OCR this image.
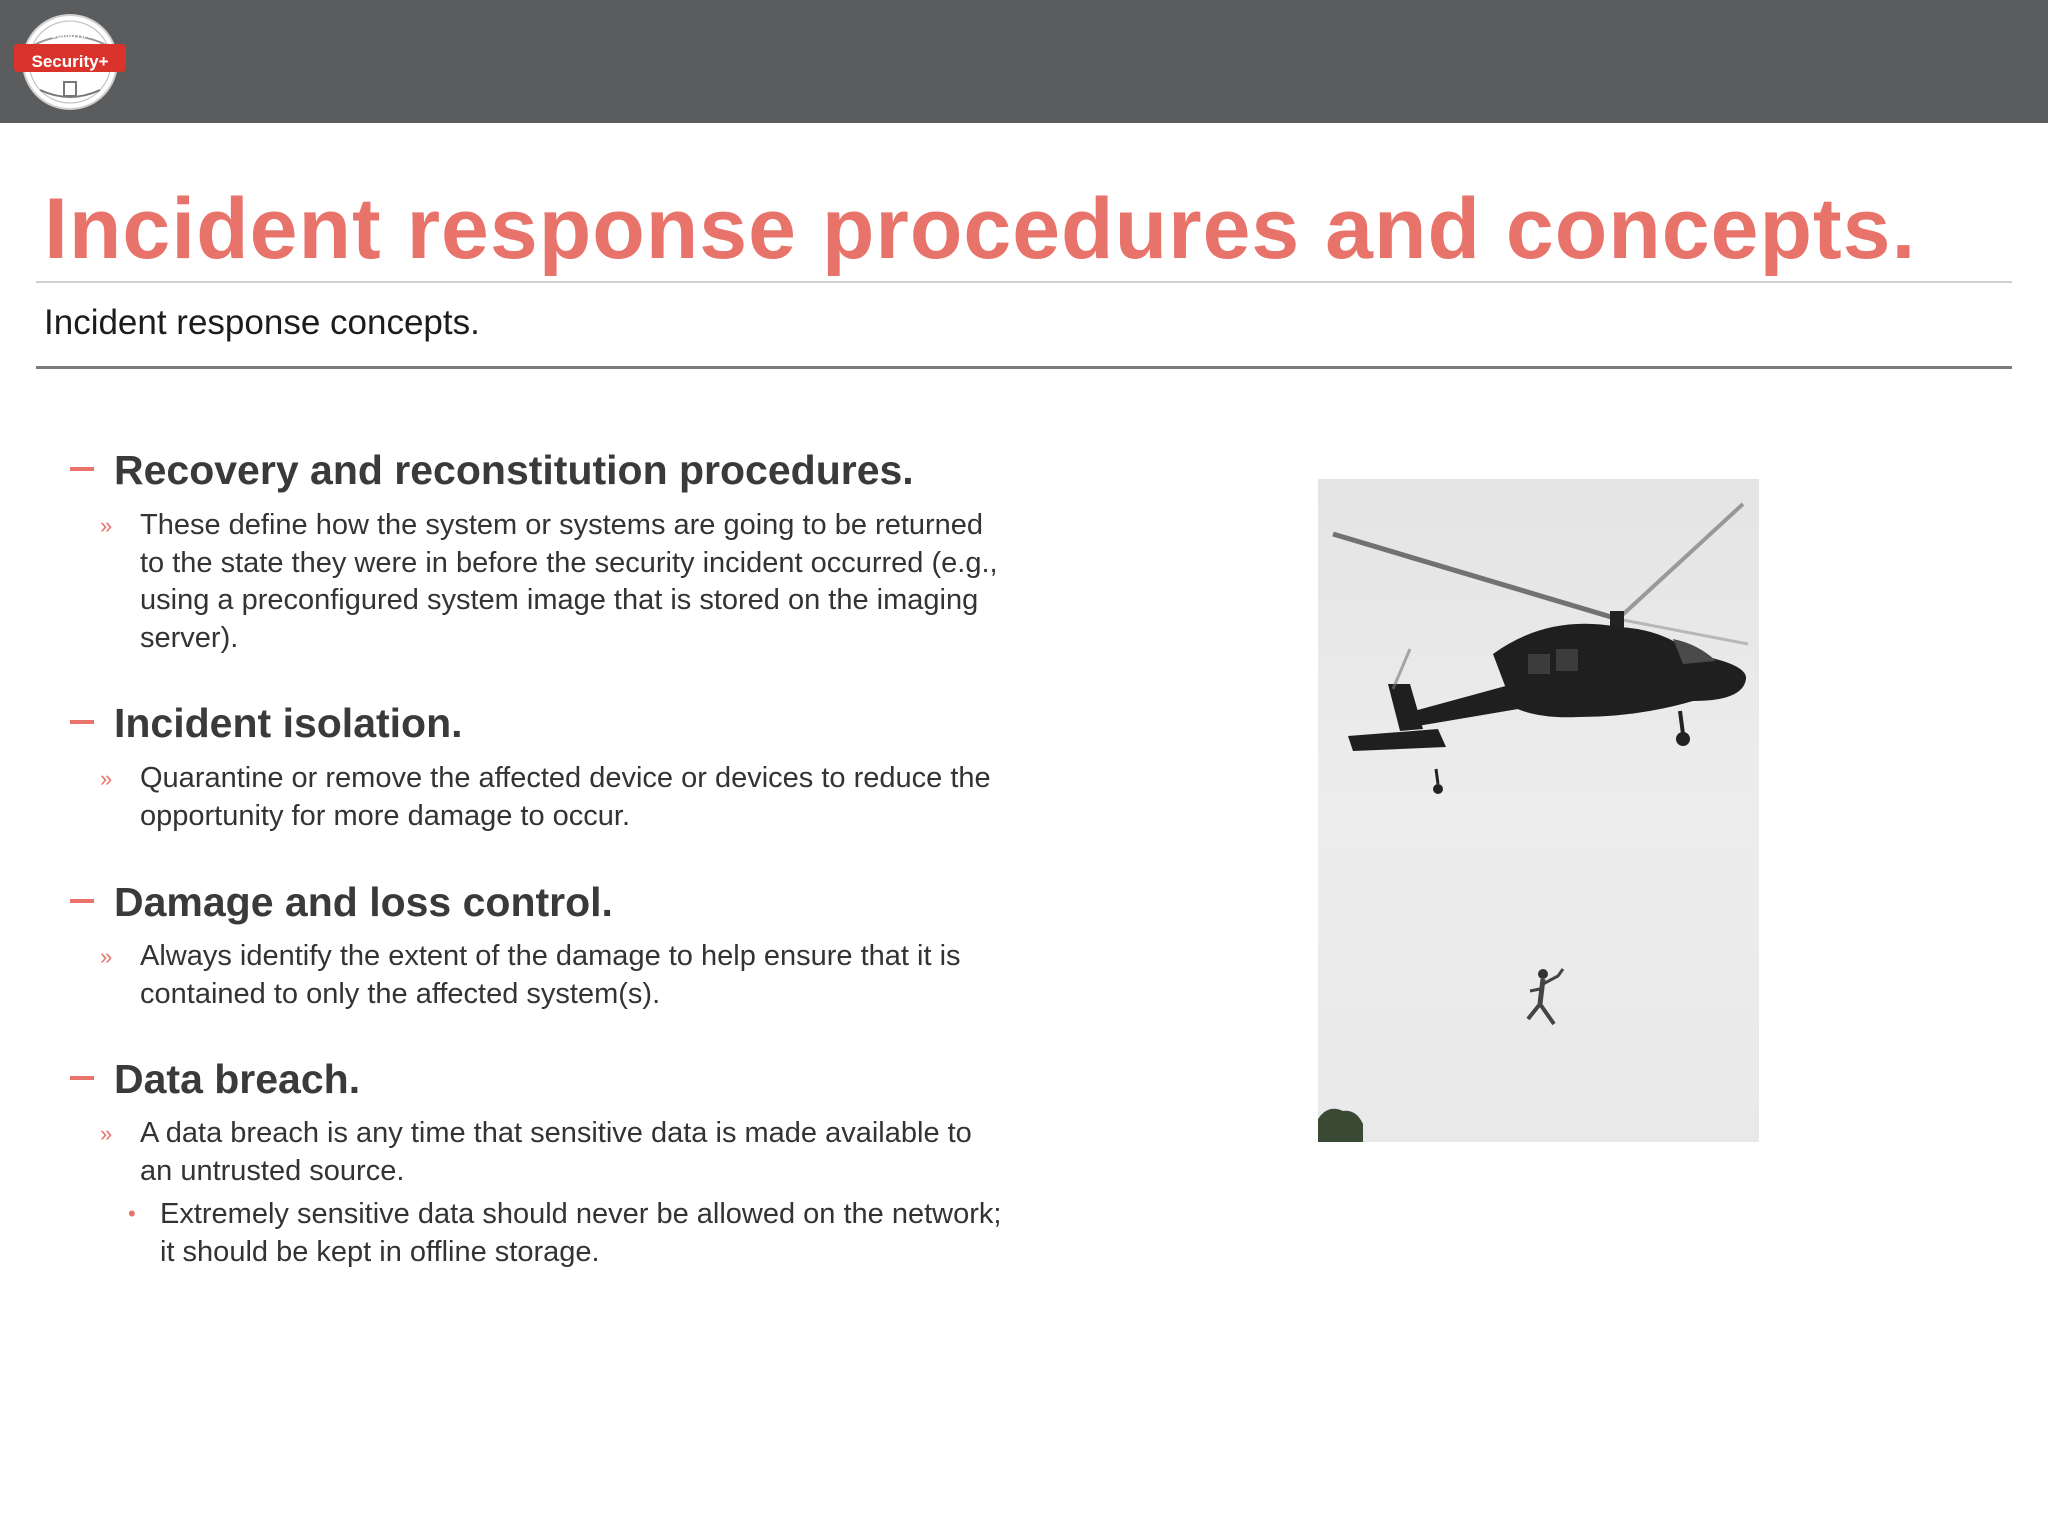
CompTIA
Security+
Incident response procedures and concepts.
Incident response concepts.
Recovery and reconstitution procedures.
» These define how the system or systems are going to be returned to the state they were in before the security incident occurred (e.g., using a preconfigured system image that is stored on the imaging server).
Incident isolation.
» Quarantine or remove the affected device or devices to reduce the opportunity for more damage to occur.
Damage and loss control.
» Always identify the extent of the damage to help ensure that it is contained to only the affected system(s).
Data breach.
» A data breach is any time that sensitive data is made available to an untrusted source.
• Extremely sensitive data should never be allowed on the network; it should be kept in offline storage.
